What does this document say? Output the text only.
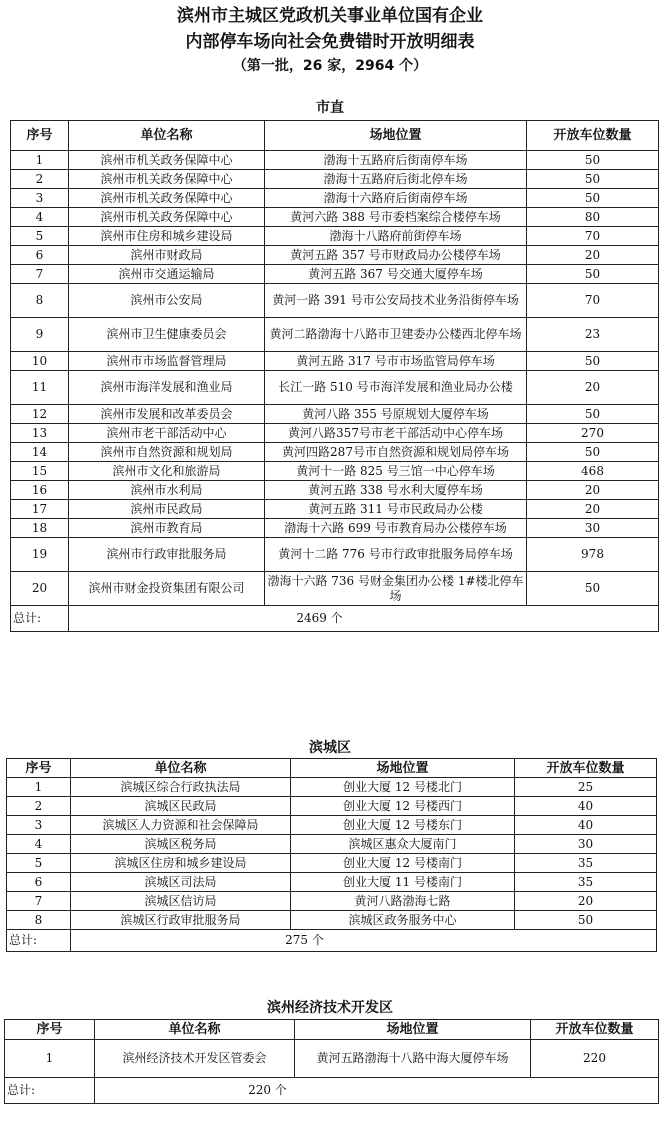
滨州市主城区党政机关事业单位国有企业
内部停车场向社会免费错时开放明细表
（第一批，26 家，2964 个）
市直
序号	单位名称	场地位置	开放车位数量
1	滨州市机关政务保障中心	渤海十五路府后街南停车场	50
2	滨州市机关政务保障中心	渤海十五路府后街北停车场	50
3	滨州市机关政务保障中心	渤海十六路府后街南停车场	50
4	滨州市机关政务保障中心	黄河六路 388 号市委档案综合楼停车场	80
5	滨州市住房和城乡建设局	渤海十八路府前街停车场	70
6	滨州市财政局	黄河五路 357 号市财政局办公楼停车场	20
7	滨州市交通运输局	黄河五路 367 号交通大厦停车场	50
8	滨州市公安局	黄河一路 391 号市公安局技术业务沿街停车场	70
9	滨州市卫生健康委员会	黄河二路渤海十八路市卫建委办公楼西北停车场	23
10	滨州市市场监督管理局	黄河五路 317 号市市场监管局停车场	50
11	滨州市海洋发展和渔业局	长江一路 510 号市海洋发展和渔业局办公楼	20
12	滨州市发展和改革委员会	黄河八路 355 号原规划大厦停车场	50
13	滨州市老干部活动中心	黄河八路357号市老干部活动中心停车场	270
14	滨州市自然资源和规划局	黄河四路287号市自然资源和规划局停车场	50
15	滨州市文化和旅游局	黄河十一路 825 号三馆一中心停车场	468
16	滨州市水利局	黄河五路 338 号水利大厦停车场	20
17	滨州市民政局	黄河五路 311 号市民政局办公楼	20
18	滨州市教育局	渤海十六路 699 号市教育局办公楼停车场	30
19	滨州市行政审批服务局	黄河十二路 776 号市行政审批服务局停车场	978
20	滨州市财金投资集团有限公司	渤海十六路 736 号财金集团办公楼 1#楼北停车场	50
总计:	2469 个		
滨城区
序号	单位名称	场地位置	开放车位数量
1	滨城区综合行政执法局	创业大厦 12 号楼北门	25
2	滨城区民政局	创业大厦 12 号楼西门	40
3	滨城区人力资源和社会保障局	创业大厦 12 号楼东门	40
4	滨城区税务局	滨城区惠众大厦南门	30
5	滨城区住房和城乡建设局	创业大厦 12 号楼南门	35
6	滨城区司法局	创业大厦 11 号楼南门	35
7	滨城区信访局	黄河八路渤海七路	20
8	滨城区行政审批服务局	滨城区政务服务中心	50
总计:	275 个		
滨州经济技术开发区
序号	单位名称	场地位置	开放车位数量
1	滨州经济技术开发区管委会	黄河五路渤海十八路中海大厦停车场	220
总计:	220 个		
